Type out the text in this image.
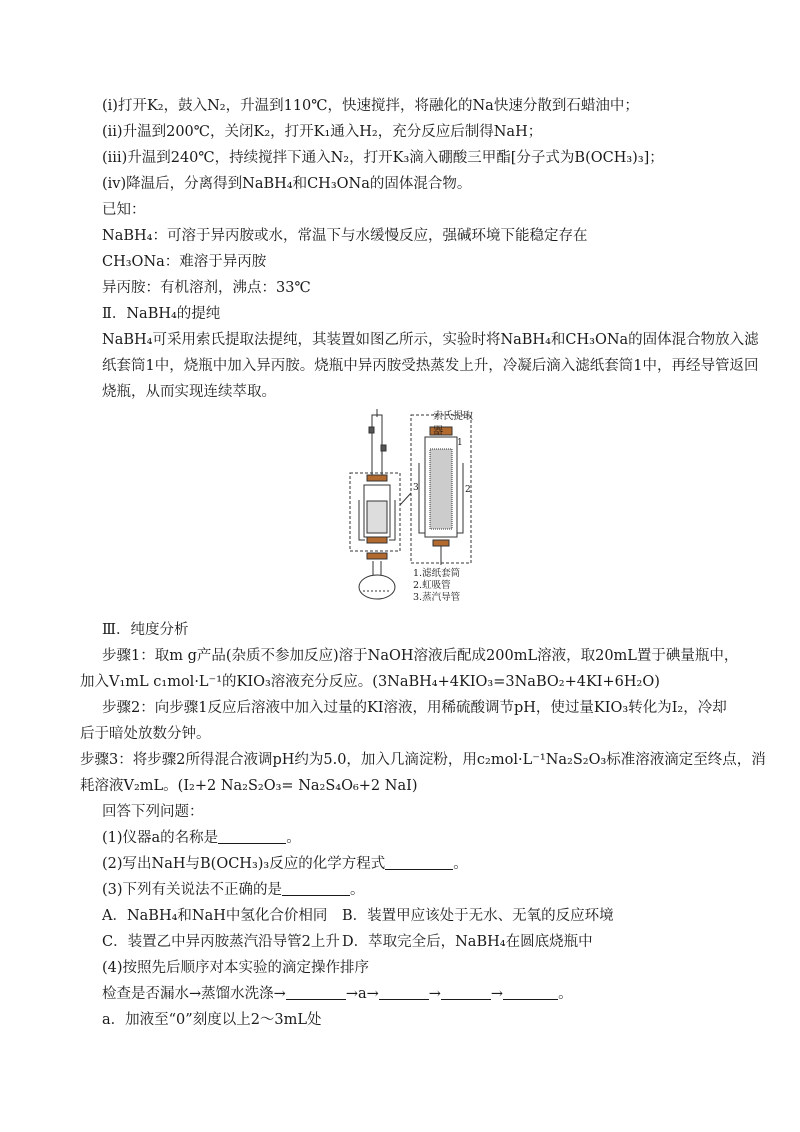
(ⅰ)打开K₂，鼓入N₂，升温到110℃，快速搅拌，将融化的Na快速分散到石蜡油中；
(ⅱ)升温到200℃，关闭K₂，打开K₁通入H₂，充分反应后制得NaH；
(ⅲ)升温到240℃，持续搅拌下通入N₂，打开K₃滴入硼酸三甲酯[分子式为B(OCH₃)₃]；
(ⅳ)降温后，分离得到NaBH₄和CH₃ONa的固体混合物。
已知：
NaBH₄：可溶于异丙胺或水，常温下与水缓慢反应，强碱环境下能稳定存在
CH₃ONa：难溶于异丙胺
异丙胺：有机溶剂，沸点：33℃
Ⅱ．NaBH₄的提纯
NaBH₄可采用索氏提取法提纯，其装置如图乙所示，实验时将NaBH₄和CH₃ONa的固体混合物放入滤
纸套筒1中，烧瓶中加入异丙胺。烧瓶中异丙胺受热蒸发上升，冷凝后滴入滤纸套筒1中，再经导管返回
烧瓶，从而实现连续萃取。
索氏提取器
1
2
3
1.滤纸套筒
2.虹吸管
3.蒸汽导管
Ⅲ．纯度分析
步骤1：取m g产品(杂质不参加反应)溶于NaOH溶液后配成200mL溶液，取20mL置于碘量瓶中，
加入V₁mL c₁mol·L⁻¹的KIO₃溶液充分反应。(3NaBH₄+4KIO₃=3NaBO₂+4KI+6H₂O)
步骤2：向步骤1反应后溶液中加入过量的KI溶液，用稀硫酸调节pH，使过量KIO₃转化为I₂，冷却
后于暗处放数分钟。
步骤3：将步骤2所得混合液调pH约为5.0，加入几滴淀粉，用c₂mol·L⁻¹Na₂S₂O₃标准溶液滴定至终点，消
耗溶液V₂mL。(I₂+2 Na₂S₂O₃= Na₂S₄O₆+2 NaI)
回答下列问题：
(1)仪器a的名称是	。
(2)写出NaH与B(OCH₃)₃反应的化学方程式	。
(3)下列有关说法不正确的是	。
A．NaBH₄和NaH中氢化合价相同 B．装置甲应该处于无水、无氧的反应环境
C．装置乙中异丙胺蒸汽沿导管2上升 D．萃取完全后，NaBH₄在圆底烧瓶中
(4)按照先后顺序对本实验的滴定操作排序
检查是否漏水→蒸馏水洗涤→	→a→	→	→	。
a．加液至“0”刻度以上2～3mL处
